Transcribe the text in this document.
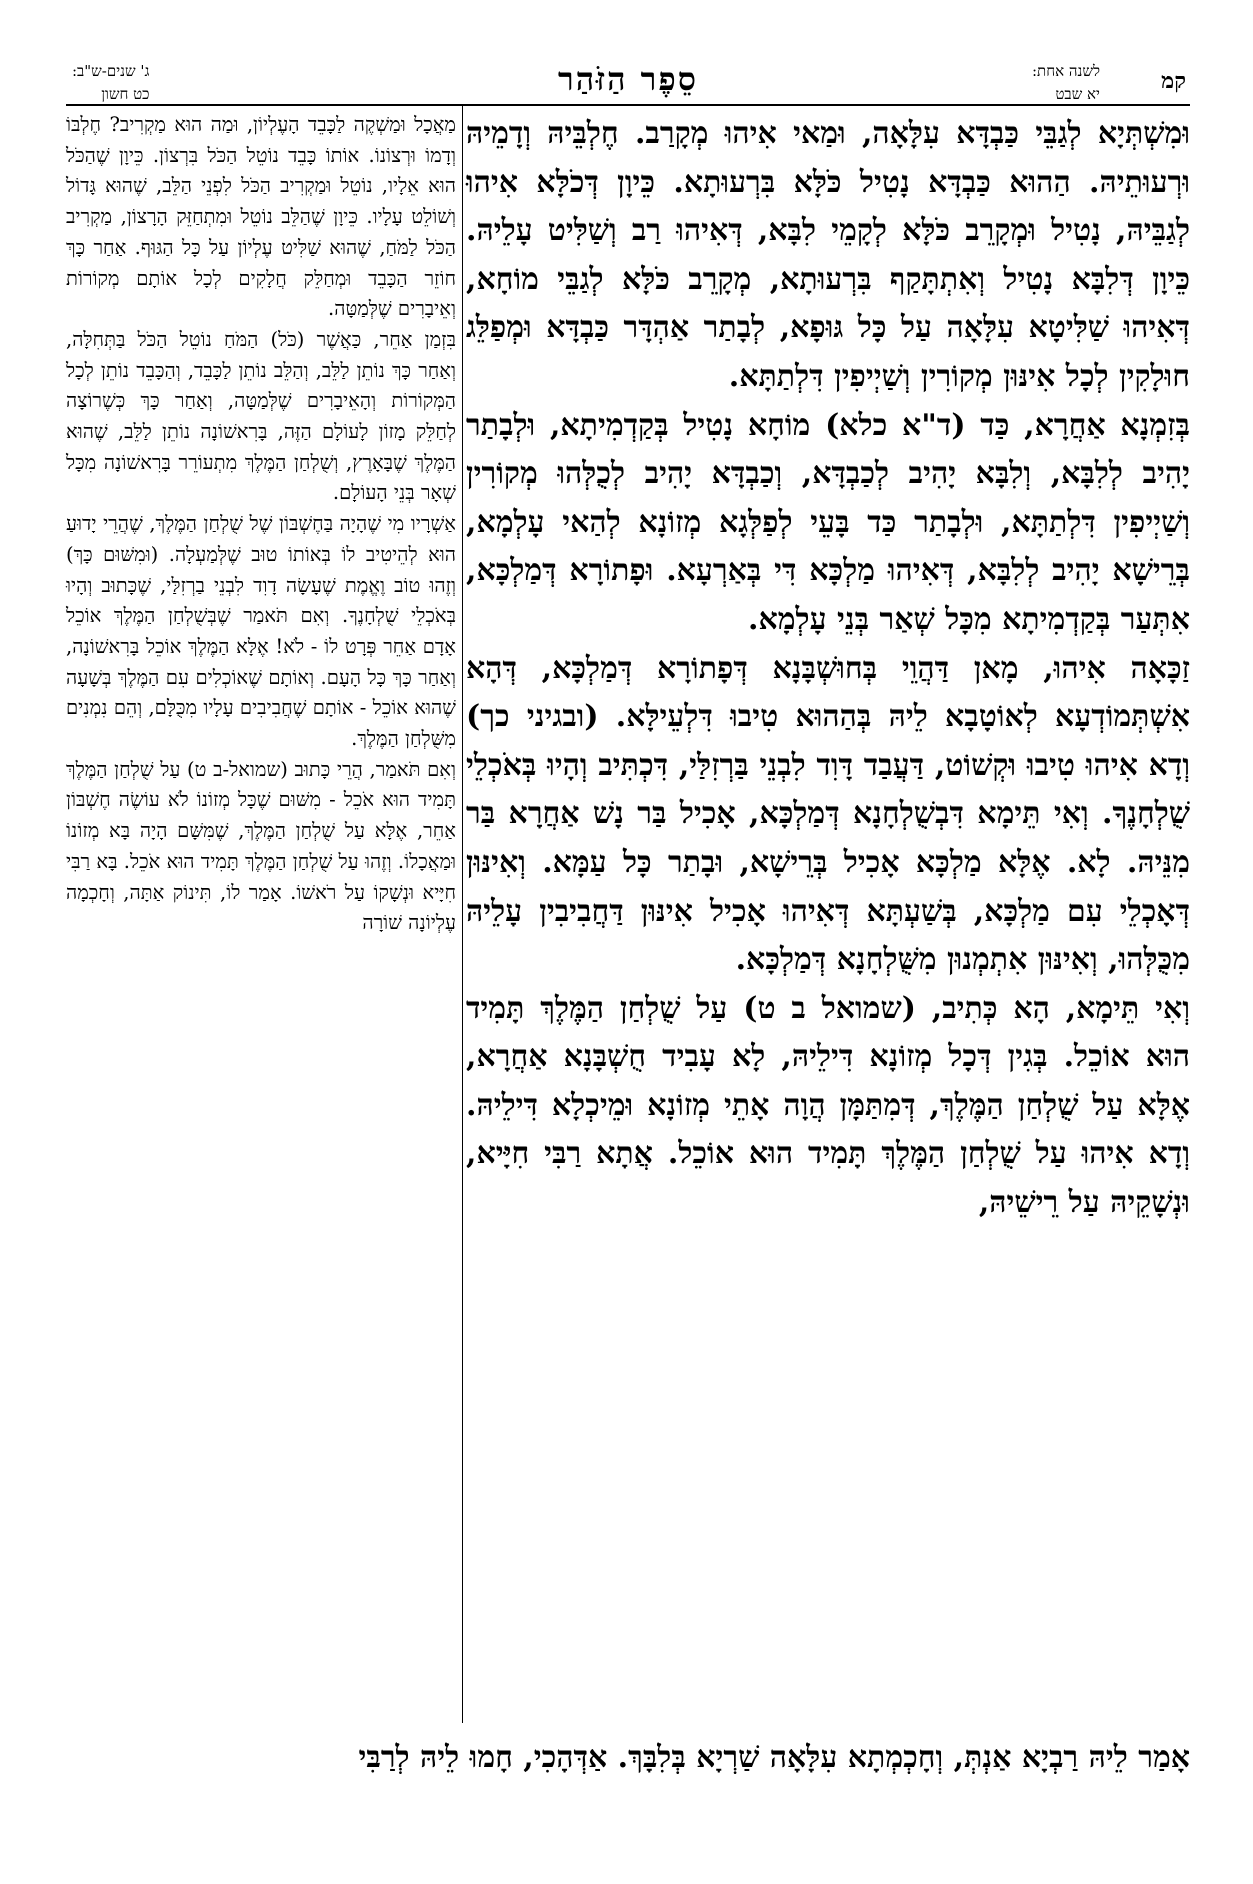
קמ
לשנה אחת:
יא שבט
סֵפֶר הַזֹּהַר
ג' שנים-ש"ב:
כט חשון

וּמִשְׁתְּיָא לְגַבֵּי כַּבְדָּא עִלָּאָה, וּמַאי אִיהוּ מְקָרַב. חֶלְבֵּיהּ וְדָמֵיהּ וּרְעוּתֵיהּ. הַהוּא כַּבְדָּא נָטִיל כֹּלָּא בִּרְעוּתָא. כֵּיוָן דְּכֹלָּא אִיהוּ לְגַבֵּיהּ, נָטִיל וּמְקָרֵב כֹּלָּא לְקָמֵי לִבָּא, דְּאִיהוּ רַב וְשַׁלִּיט עָלֵיהּ. כֵּיוָן דְּלִבָּא נָטִיל וְאִתְתָּקַף בִּרְעוּתָא, מְקָרֵב כֹּלָּא לְגַבֵּי מוֹחָא, דְּאִיהוּ שַׁלִּיטָא עִלָּאָה עַל כָּל גּוּפָא, לְבָתַר אַהְדָּר כַּבְדָּא וּמְפַלֵּג חוּלָקִין לְכָל אִינּוּן מְקוֹרִין וְשַׁיְיפִין דִּלְתַתָּא.

בְּזִמְנָא אַחֲרָא, כַּד (ד"א כלא) מוֹחָא נָטִיל בְּקַדְמִיתָא, וּלְבָתַר יָהִיב לְלִבָּא, וְלִבָּא יָהִיב לְכַבְדָּא, וְכַבְדָּא יָהִיב לְכֻלְּהוּ מְקוֹרִין וְשַׁיְיפִין דִּלְתַתָּא, וּלְבָתַר כַּד בָּעֵי לְפַלְּגָא מְזוֹנָא לְהַאי עָלְמָא, בְּרֵישָׁא יָהִיב לְלִבָּא, דְּאִיהוּ מַלְכָּא דִּי בְּאַרְעָא. וּפָתוֹרָא דְּמַלְכָּא, אִתְּעַר בְּקַדְמִיתָא מִכָּל שְׁאַר בְּנֵי עָלְמָא.

זַכָּאָה אִיהוּ, מָאן דַּהֲוֵי בְּחוּשְׁבָּנָא דְּפָתוֹרָא דְּמַלְכָּא, דְּהָא אִשְׁתְּמוֹדְעָא לְאוֹטָבָא לֵיהּ בְּהַהוּא טִיבוּ דִּלְעֵילָּא. (ובגיני כך) וְדָא אִיהוּ טִיבוּ וּקְשׁוֹט, דַּעֲבַד דָּוִד לִבְנֵי בַּרְזִלַּי, דִּכְתִּיב וְהָיוּ בְּאֹכְלֵי שֻׁלְחָנֶךָ. וְאִי תֵּימָא דִּבְשֻׁלְחָנָא דְּמַלְכָּא, אָכִיל בַּר נָשׁ אַחֲרָא בַּר מִנֵּיהּ. לָא. אֶלָּא מַלְכָּא אָכִיל בְּרֵישָׁא, וּבָתַר כָּל עַמָּא. וְאִינּוּן דְּאָכְלֵי עִם מַלְכָּא, בְּשַׁעְתָּא דְּאִיהוּ אָכִיל אִינּוּן דַּחֲבִיבִין עָלֵיהּ מִכֻּלְּהוּ, וְאִינּוּן אִתְמְנוּן מִשֻּׁלְחָנָא דְּמַלְכָּא.

וְאִי תֵּימָא, הָא כְּתִיב, (שמואל ב ט) עַל שֻׁלְחַן הַמֶּלֶךְ תָּמִיד הוּא אוֹכֵל. בְּגִין דְּכָל מְזוֹנָא דִּילֵיהּ, לָא עָבִיד חֻשְׁבָּנָא אַחֲרָא, אֶלָּא עַל שֻׁלְחַן הַמֶּלֶךְ, דְּמִתַּמָּן הֲוָה אָתֵי מְזוֹנָא וּמֵיכְלָא דִּילֵיהּ. וְדָא אִיהוּ עַל שֻׁלְחַן הַמֶּלֶךְ תָּמִיד הוּא אוֹכֵל. אֲתָא רַבִּי חִיָּיא, וּנְשָׁקֵיהּ עַל רֵישֵׁיהּ,

מַאֲכָל וּמַשְׁקֶה לַכָּבֵד הָעֶלְיוֹן, וּמַה הוּא מַקְרִיב? חֶלְבּוֹ וְדָמוֹ וּרְצוֹנוֹ. אוֹתוֹ כָּבֵד נוֹטֵל הַכֹּל בִּרְצוֹן. כֵּיוָן שֶׁהַכֹּל הוּא אֵלָיו, נוֹטֵל וּמַקְרִיב הַכֹּל לִפְנֵי הַלֵּב, שֶׁהוּא גָּדוֹל וְשׁוֹלֵט עָלָיו. כֵּיוָן שֶׁהַלֵּב נוֹטֵל וּמִתְחַזֵּק הָרָצוֹן, מַקְרִיב הַכֹּל לַמֹּחַ, שֶׁהוּא שַׁלִּיט עֶלְיוֹן עַל כָּל הַגּוּף. אַחַר כָּךְ חוֹזֵר הַכָּבֵד וּמְחַלֵּק חֲלָקִים לְכָל אוֹתָם מְקוֹרוֹת וְאֵיבָרִים שֶׁלְּמַטָּה.

בִּזְמַן אַחֵר, כַּאֲשֶׁר (כֹּל) הַמֹּחַ נוֹטֵל הַכֹּל בַּתְּחִלָּה, וְאַחַר כָּךְ נוֹתֵן לַלֵּב, וְהַלֵּב נוֹתֵן לַכָּבֵד, וְהַכָּבֵד נוֹתֵן לְכָל הַמְּקוֹרוֹת וְהָאֵיבָרִים שֶׁלְּמַטָּה, וְאַחַר כָּךְ כְּשֶׁרוֹצָה לְחַלֵּק מָזוֹן לָעוֹלָם הַזֶּה, בָּרִאשׁוֹנָה נוֹתֵן לַלֵּב, שֶׁהוּא הַמֶּלֶךְ שֶׁבָּאָרֶץ, וְשֻׁלְחַן הַמֶּלֶךְ מִתְעוֹרֵר בָּרִאשׁוֹנָה מִכָּל שְׁאָר בְּנֵי הָעוֹלָם.

אַשְׁרָיו מִי שֶׁהָיָה בַּחֶשְׁבּוֹן שֶׁל שֻׁלְחַן הַמֶּלֶךְ, שֶׁהֲרֵי יָדוּעַ הוּא לְהֵיטִיב לוֹ בְּאוֹתוֹ טוּב שֶׁלְּמַעְלָה. (וּמִשּׁוּם כָּךְ) וְזֶהוּ טוֹב וֶאֱמֶת שֶׁעָשָׂה דָוִד לִבְנֵי בַרְזִלַּי, שֶׁכָּתוּב וְהָיוּ בְּאֹכְלֵי שֻׁלְחָנֶךָ. וְאִם תֹּאמַר שֶׁבְּשֻׁלְחַן הַמֶּלֶךְ אוֹכֵל אָדָם אַחֵר פְּרָט לוֹ - לֹא! אֶלָּא הַמֶּלֶךְ אוֹכֵל בָּרִאשׁוֹנָה, וְאַחַר כָּךְ כָּל הָעָם. וְאוֹתָם שֶׁאוֹכְלִים עִם הַמֶּלֶךְ בְּשָׁעָה שֶׁהוּא אוֹכֵל - אוֹתָם שֶׁחֲבִיבִים עָלָיו מִכֻּלָּם, וְהֵם נִמְנִים מִשֻּׁלְחַן הַמֶּלֶךְ.

וְאִם תֹּאמַר, הֲרֵי כָּתוּב (שמואל-ב ט) עַל שֻׁלְחַן הַמֶּלֶךְ תָּמִיד הוּא אֹכֵל - מִשּׁוּם שֶׁכָּל מְזוֹנוֹ לֹא עוֹשֶׂה חֶשְׁבּוֹן אַחֵר, אֶלָּא עַל שֻׁלְחַן הַמֶּלֶךְ, שֶׁמִּשָּׁם הָיָה בָּא מְזוֹנוֹ וּמַאֲכָלוֹ. וְזֶהוּ עַל שֻׁלְחַן הַמֶּלֶךְ תָּמִיד הוּא אֹכֵל. בָּא רַבִּי חִיָּיא וּנְשָׁקוֹ עַל רֹאשׁוֹ. אָמַר לוֹ, תִּינוֹק אַתָּה, וְחָכְמָה עֶלְיוֹנָה שׁוֹרָה

אָמַר לֵיהּ רַבְיָא אַנְתְּ, וְחָכְמְתָא עִלָּאָה שַׁרְיָא בְּלִבָּךְ. אַדְּהָכִי, חָמוּ לֵיהּ לְרַבִּי
